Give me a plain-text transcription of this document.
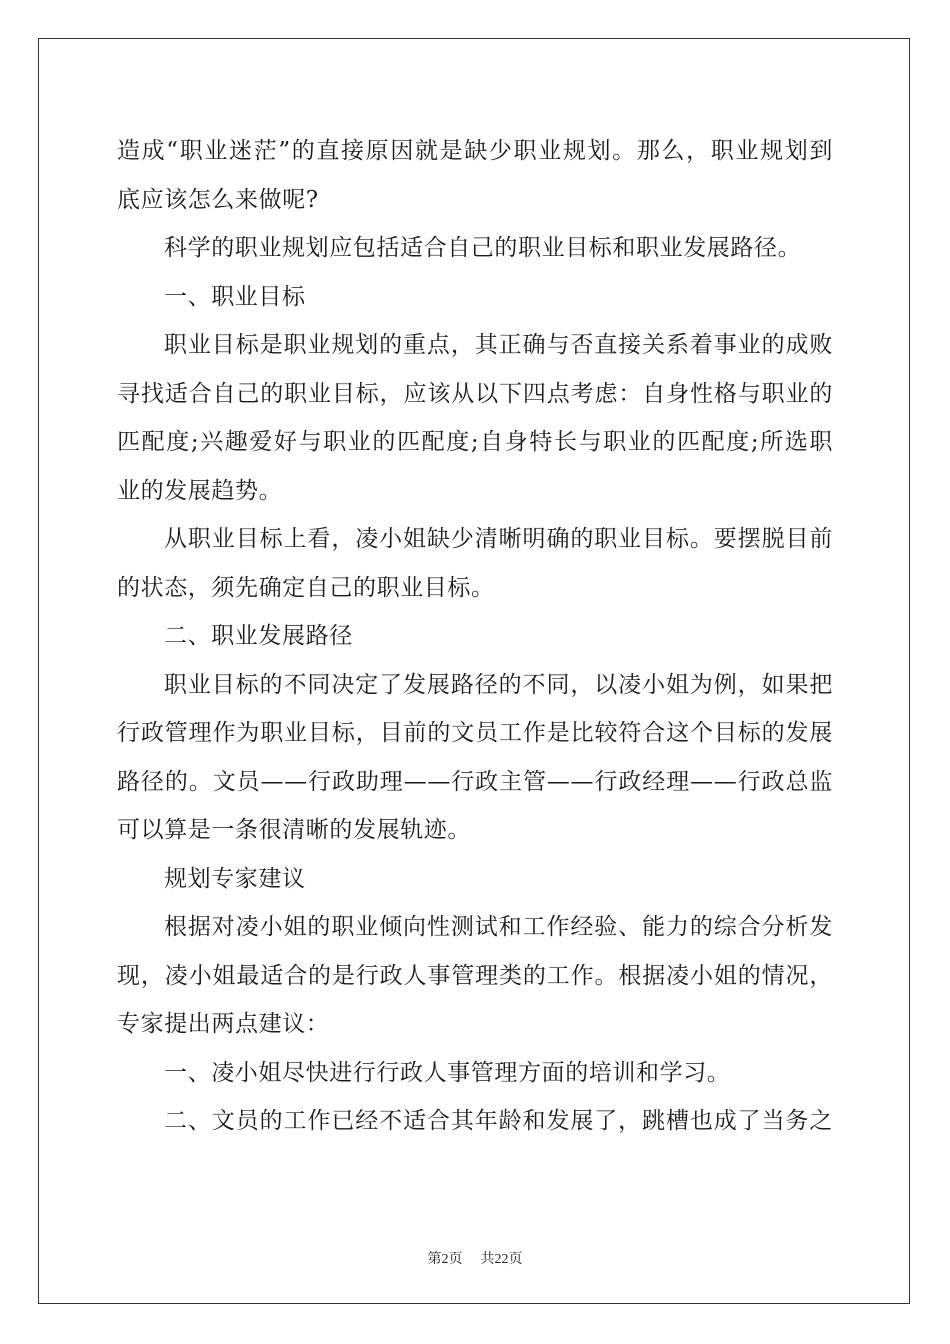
造成“职业迷茫”的直接原因就是缺少职业规划。那么，职业规划到
底应该怎么来做呢?
科学的职业规划应包括适合自己的职业目标和职业发展路径。
一、职业目标
职业目标是职业规划的重点，其正确与否直接关系着事业的成败
寻找适合自己的职业目标，应该从以下四点考虑：自身性格与职业的
匹配度;兴趣爱好与职业的匹配度;自身特长与职业的匹配度;所选职
业的发展趋势。
从职业目标上看，凌小姐缺少清晰明确的职业目标。要摆脱目前
的状态，须先确定自己的职业目标。
二、职业发展路径
职业目标的不同决定了发展路径的不同，以凌小姐为例，如果把
行政管理作为职业目标，目前的文员工作是比较符合这个目标的发展
路径的。文员——行政助理——行政主管——行政经理——行政总监
可以算是一条很清晰的发展轨迹。
规划专家建议
根据对凌小姐的职业倾向性测试和工作经验、能力的综合分析发
现，凌小姐最适合的是行政人事管理类的工作。根据凌小姐的情况，
专家提出两点建议：
一、凌小姐尽快进行行政人事管理方面的培训和学习。
二、文员的工作已经不适合其年龄和发展了，跳槽也成了当务之
第2页 共22页
